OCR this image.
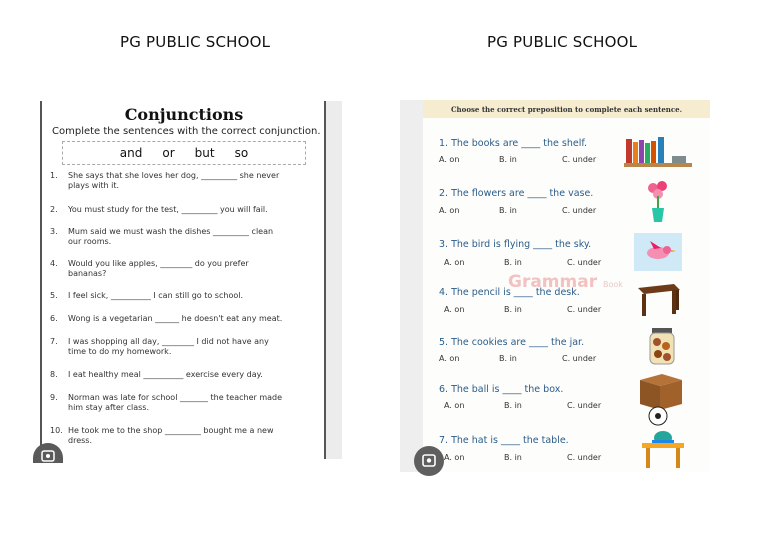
PG PUBLIC SCHOOL	PG PUBLIC SCHOOL
Conjunctions
Complete the sentences with the correct conjunction.
and or but so
1.	She says that she loves her dog, _________ she never
plays with it.
2.	You must study for the test, _________ you will fail.
3.	Mum said we must wash the dishes _________ clean
our rooms.
4.	Would you like apples, ________ do you prefer
bananas?
5.	I feel sick, __________ I can still go to school.
6.	Wong is a vegetarian ______ he doesn't eat any meat.
7.	I was shopping all day, ________ I did not have any
time to do my homework.
8.	I eat healthy meal __________ exercise every day.
9.	Norman was late for school _______ the teacher made
him stay after class.
10. He took me to the shop _________ bought me a new
dress.
Choose the correct preposition to complete each sentence.
1. The books are ____ the shelf.
A. on	B. in	C. under
2. The flowers are ____ the vase.
A. on	B. in	C. under
3. The bird is flying ____ the sky.
A. on	B. in	C. under
Grammar Book
4. The pencil is ____ the desk.
A. on	B. in	C. under
5. The cookies are ____ the jar.
A. on	B. in	C. under
6. The ball is ____ the box.
A. on	B. in	C. under
7. The hat is ____ the table.
A. on	B. in	C. under
